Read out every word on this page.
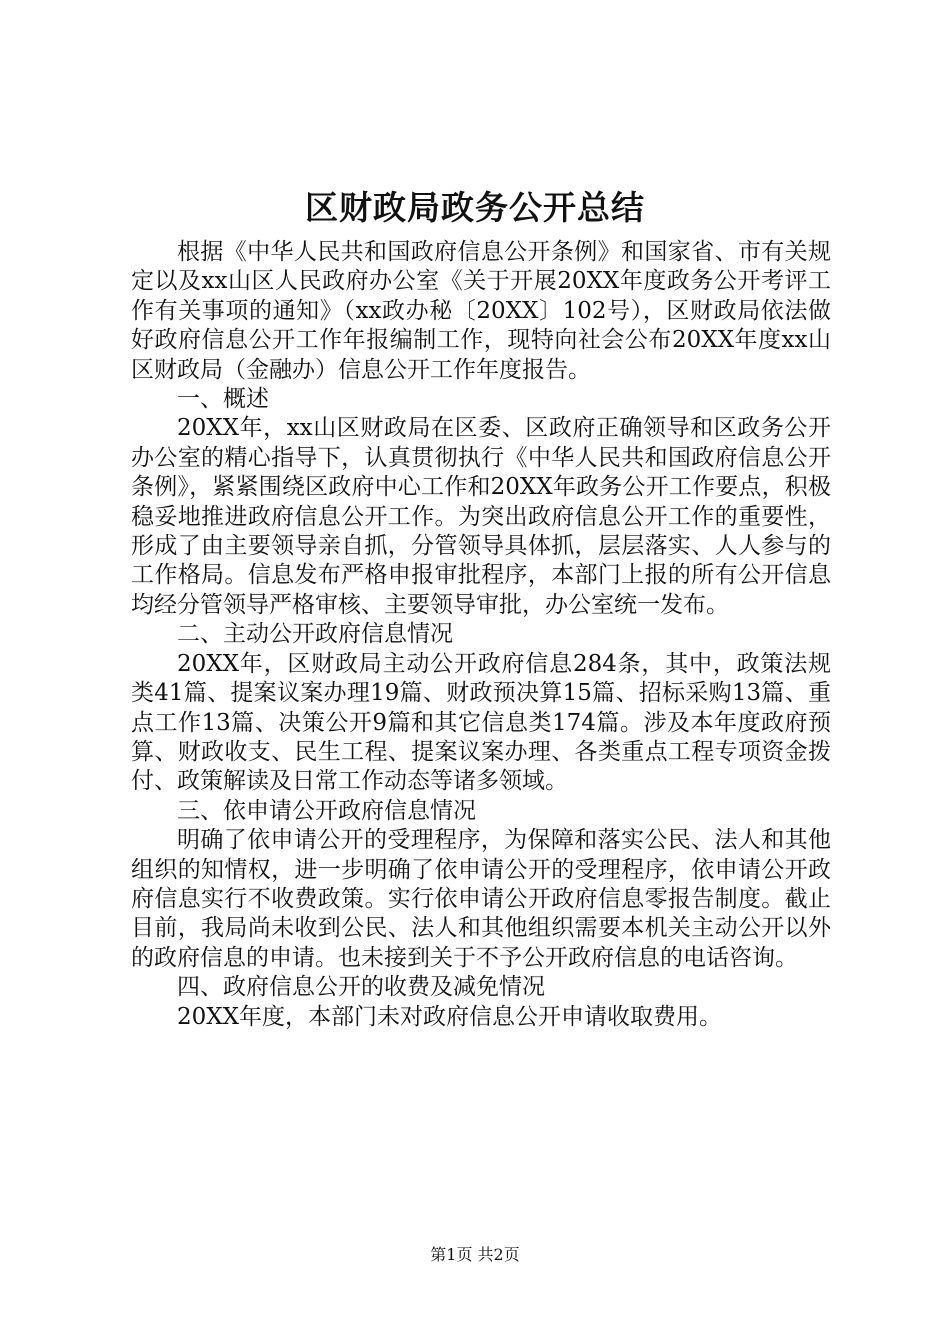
区财政局政务公开总结

根据《中华人民共和国政府信息公开条例》和国家省、市有关规定以及xx山区人民政府办公室《关于开展20XX年度政务公开考评工作有关事项的通知》（xx政办秘〔20XX〕102号），区财政局依法做好政府信息公开工作年报编制工作，现特向社会公布20XX年度xx山区财政局（金融办）信息公开工作年度报告。

一、概述

20XX年，xx山区财政局在区委、区政府正确领导和区政务公开办公室的精心指导下，认真贯彻执行《中华人民共和国政府信息公开条例》，紧紧围绕区政府中心工作和20XX年政务公开工作要点，积极稳妥地推进政府信息公开工作。为突出政府信息公开工作的重要性，形成了由主要领导亲自抓，分管领导具体抓，层层落实、人人参与的工作格局。信息发布严格申报审批程序，本部门上报的所有公开信息均经分管领导严格审核、主要领导审批，办公室统一发布。

二、主动公开政府信息情况

20XX年，区财政局主动公开政府信息284条，其中，政策法规类41篇、提案议案办理19篇、财政预决算15篇、招标采购13篇、重点工作13篇、决策公开9篇和其它信息类174篇。涉及本年度政府预算、财政收支、民生工程、提案议案办理、各类重点工程专项资金拨付、政策解读及日常工作动态等诸多领域。

三、依申请公开政府信息情况

明确了依申请公开的受理程序，为保障和落实公民、法人和其他组织的知情权，进一步明确了依申请公开的受理程序，依申请公开政府信息实行不收费政策。实行依申请公开政府信息零报告制度。截止目前，我局尚未收到公民、法人和其他组织需要本机关主动公开以外的政府信息的申请。也未接到关于不予公开政府信息的电话咨询。

四、政府信息公开的收费及减免情况

20XX年度，本部门未对政府信息公开申请收取费用。

第1页 共2页
